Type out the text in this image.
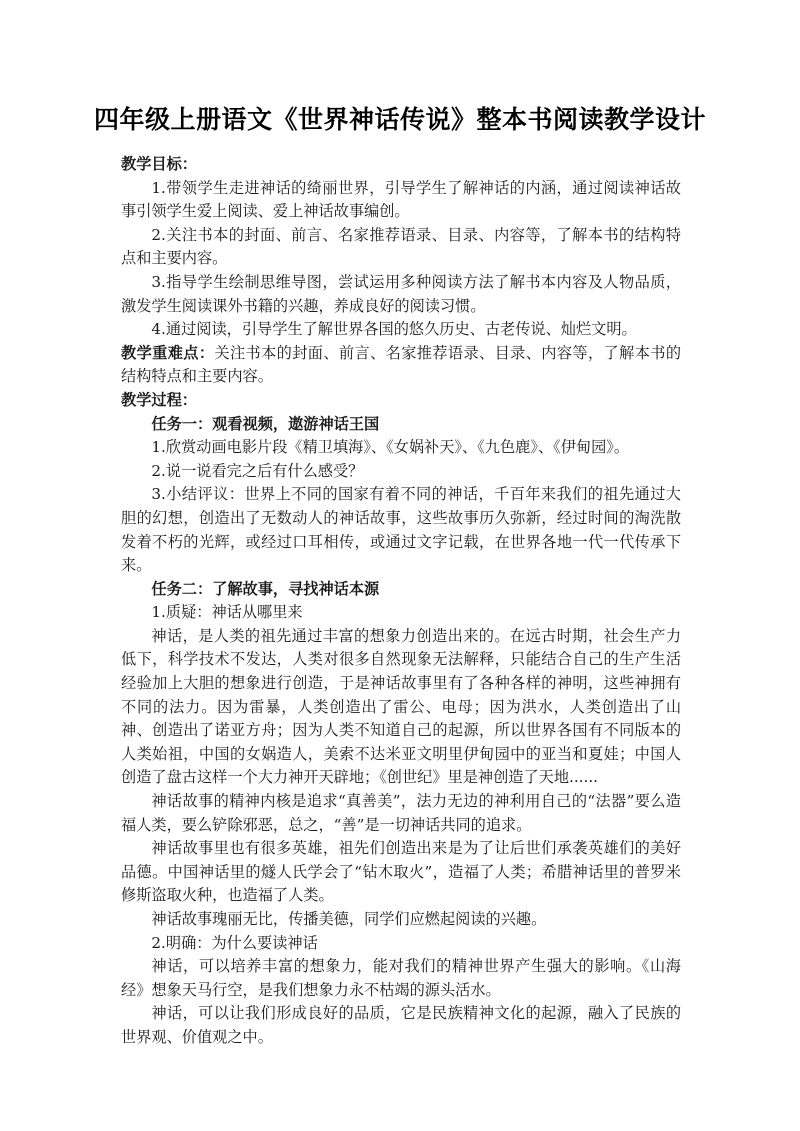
四年级上册语文《世界神话传说》整本书阅读教学设计

教学目标：

1.带领学生走进神话的绮丽世界，引导学生了解神话的内涵，通过阅读神话故事引领学生爱上阅读、爱上神话故事编创。

2.关注书本的封面、前言、名家推荐语录、目录、内容等，了解本书的结构特点和主要内容。

3.指导学生绘制思维导图，尝试运用多种阅读方法了解书本内容及人物品质，激发学生阅读课外书籍的兴趣，养成良好的阅读习惯。

4.通过阅读，引导学生了解世界各国的悠久历史、古老传说、灿烂文明。

教学重难点：关注书本的封面、前言、名家推荐语录、目录、内容等，了解本书的结构特点和主要内容。

教学过程：

任务一：观看视频，遨游神话王国

1.欣赏动画电影片段《精卫填海》、《女娲补天》、《九色鹿》、《伊甸园》。

2.说一说看完之后有什么感受？

3.小结评议：世界上不同的国家有着不同的神话，千百年来我们的祖先通过大胆的幻想，创造出了无数动人的神话故事，这些故事历久弥新，经过时间的淘洗散发着不朽的光辉，或经过口耳相传，或通过文字记载，在世界各地一代一代传承下来。

任务二：了解故事，寻找神话本源

1.质疑：神话从哪里来

神话，是人类的祖先通过丰富的想象力创造出来的。在远古时期，社会生产力低下，科学技术不发达，人类对很多自然现象无法解释，只能结合自己的生产生活经验加上大胆的想象进行创造，于是神话故事里有了各种各样的神明，这些神拥有不同的法力。因为雷暴，人类创造出了雷公、电母；因为洪水，人类创造出了山神、创造出了诺亚方舟；因为人类不知道自己的起源，所以世界各国有不同版本的人类始祖，中国的女娲造人，美索不达米亚文明里伊甸园中的亚当和夏娃；中国人创造了盘古这样一个大力神开天辟地；《创世纪》里是神创造了天地......

神话故事的精神内核是追求“真善美”，法力无边的神利用自己的“法器”要么造福人类，要么铲除邪恶，总之，“善”是一切神话共同的追求。

神话故事里也有很多英雄，祖先们创造出来是为了让后世们承袭英雄们的美好品德。中国神话里的燧人氏学会了“钻木取火”，造福了人类；希腊神话里的普罗米修斯盗取火种，也造福了人类。

神话故事瑰丽无比，传播美德，同学们应燃起阅读的兴趣。

2.明确：为什么要读神话

神话，可以培养丰富的想象力，能对我们的精神世界产生强大的影响。《山海经》想象天马行空，是我们想象力永不枯竭的源头活水。

神话，可以让我们形成良好的品质，它是民族精神文化的起源，融入了民族的世界观、价值观之中。
